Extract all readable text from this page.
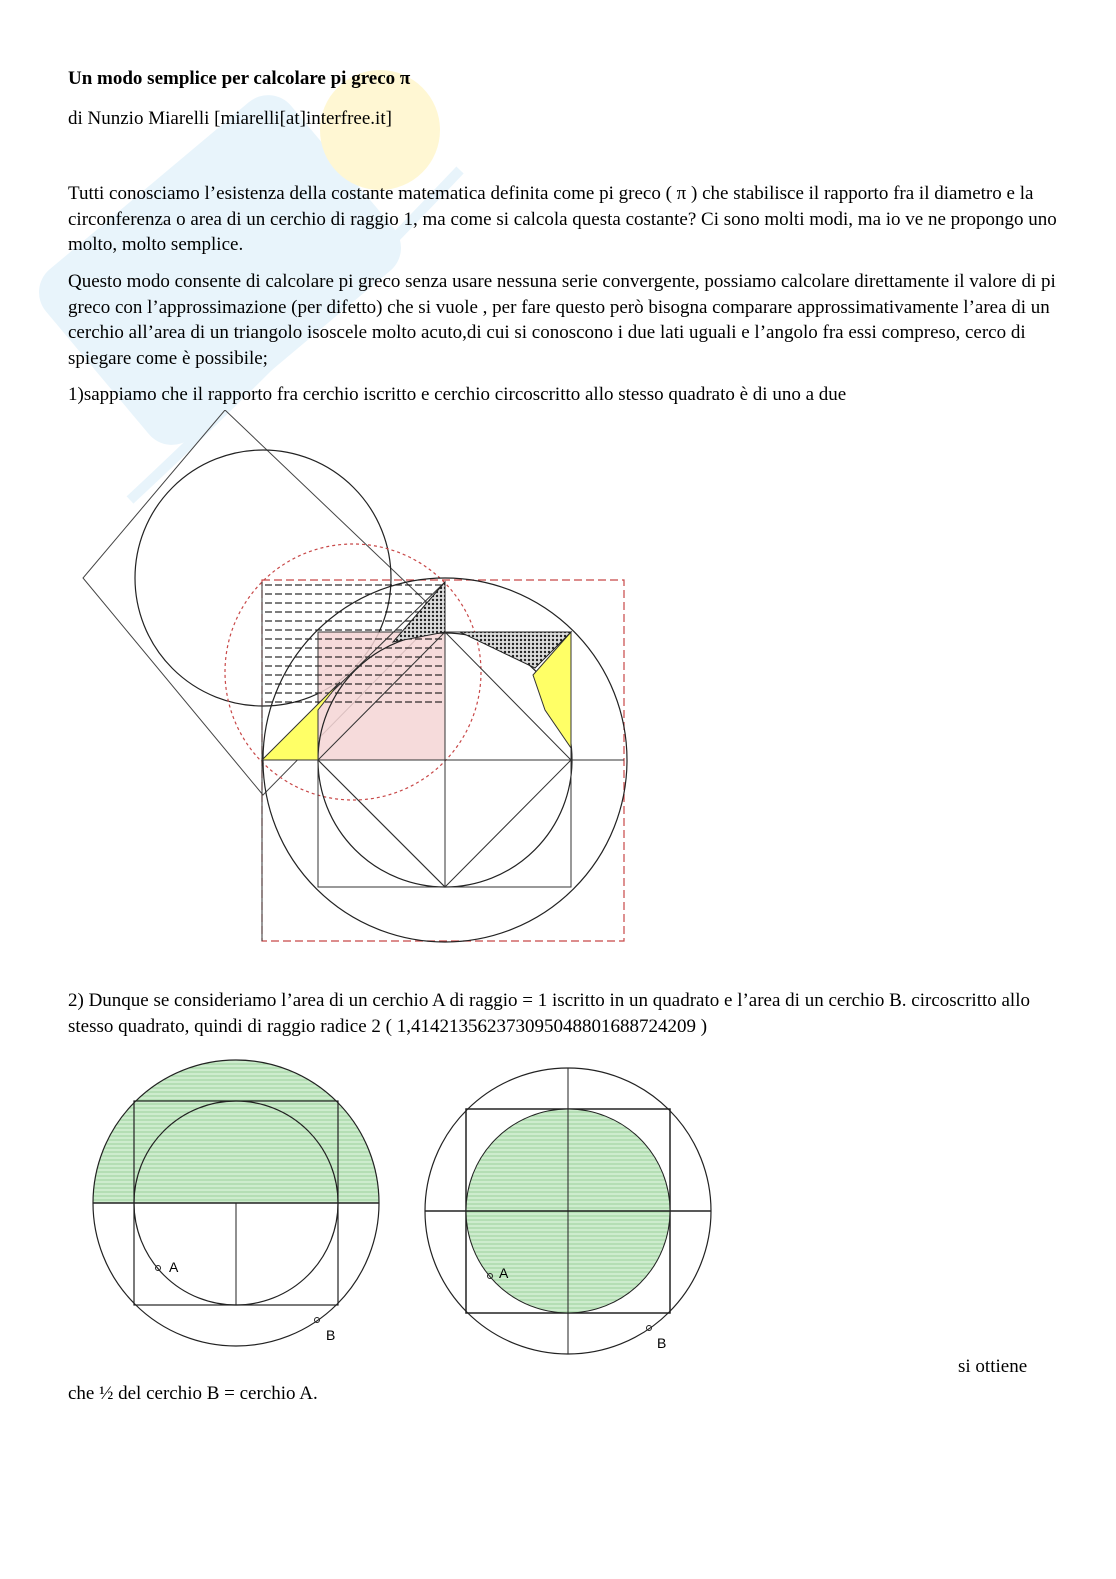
Un modo semplice per calcolare pi greco π
di Nunzio Miarelli [miarelli[at]interfree.it]

Tutti conosciamo l’esistenza della costante matematica definita come pi greco ( π ) che stabilisce il rapporto fra il diametro e la circonferenza o area di un cerchio di raggio 1, ma come si calcola questa costante? Ci sono molti modi, ma io ve ne propongo uno molto, molto semplice.

Questo modo consente di calcolare pi greco senza usare nessuna serie convergente, possiamo calcolare direttamente il valore di pi greco con l’approssimazione (per difetto) che si vuole , per fare questo però bisogna comparare approssimativamente l’area di un cerchio all’area di un triangolo isoscele molto acuto,di cui si conoscono i due lati uguali e l’angolo fra essi compreso, cerco di spiegare come è possibile;

1)sappiamo che il rapporto fra cerchio iscritto e cerchio circoscritto allo stesso quadrato è di uno a due

2) Dunque se consideriamo l’area di un cerchio A di raggio = 1 iscritto in un quadrato e l’area di un cerchio B. circoscritto allo stesso quadrato, quindi di raggio radice 2 ( 1,4142135623730950488016887242​09 )

A
B
A
B
si ottiene
che ½ del cerchio B = cerchio A.
